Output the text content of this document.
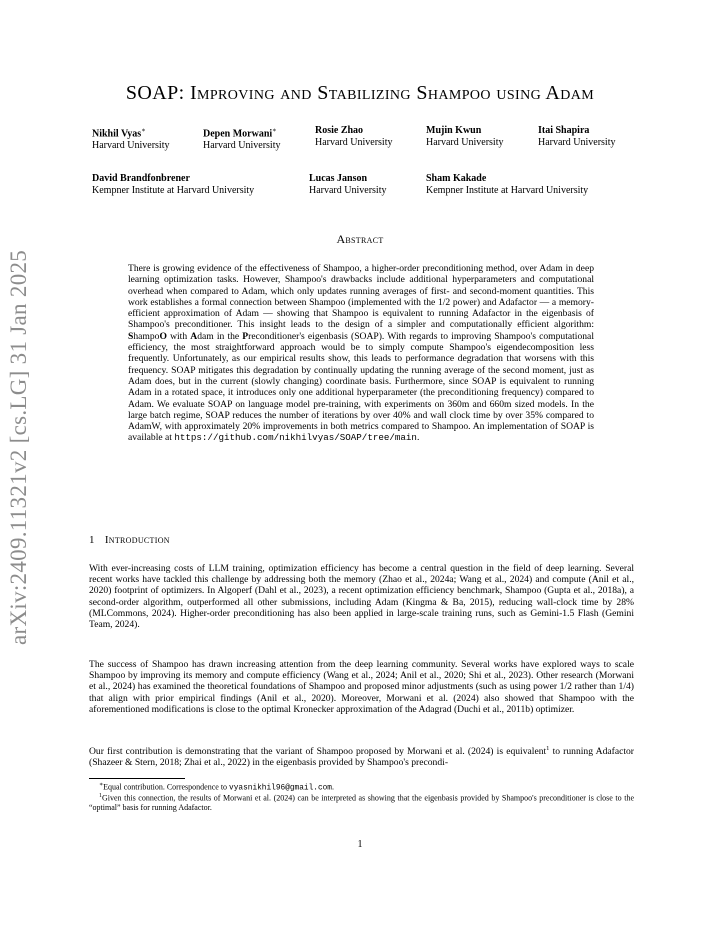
arXiv:2409.11321v2 [cs.LG] 31 Jan 2025
SOAP: Improving and Stabilizing Shampoo using Adam
Nikhil Vyas∗
Harvard University
Depen Morwani∗
Harvard University
Rosie Zhao
Harvard University
Mujin Kwun
Harvard University
Itai Shapira
Harvard University
David Brandfonbrener
Kempner Institute at Harvard University
Lucas Janson
Harvard University
Sham Kakade
Kempner Institute at Harvard University
Abstract

There is growing evidence of the effectiveness of Shampoo, a higher-order preconditioning method, over Adam in deep learning optimization tasks. However, Shampoo's drawbacks include additional hyperparameters and computational overhead when compared to Adam, which only updates running averages of first- and second-moment quantities. This work establishes a formal connection between Shampoo (implemented with the 1/2 power) and Adafactor — a memory-efficient approximation of Adam — showing that Shampoo is equivalent to running Adafactor in the eigenbasis of Shampoo's preconditioner. This insight leads to the design of a simpler and computationally efficient algorithm: ShampoO with Adam in the Preconditioner's eigenbasis (SOAP). With regards to improving Shampoo's computational efficiency, the most straightforward approach would be to simply compute Shampoo's eigendecomposition less frequently. Unfortunately, as our empirical results show, this leads to performance degradation that worsens with this frequency. SOAP mitigates this degradation by continually updating the running average of the second moment, just as Adam does, but in the current (slowly changing) coordinate basis. Furthermore, since SOAP is equivalent to running Adam in a rotated space, it introduces only one additional hyperparameter (the preconditioning frequency) compared to Adam. We evaluate SOAP on language model pre-training, with experiments on 360m and 660m sized models. In the large batch regime, SOAP reduces the number of iterations by over 40% and wall clock time by over 35% compared to AdamW, with approximately 20% improvements in both metrics compared to Shampoo. An implementation of SOAP is available at https://github.com/nikhilvyas/SOAP/tree/main.

1 Introduction

With ever-increasing costs of LLM training, optimization efficiency has become a central question in the field of deep learning. Several recent works have tackled this challenge by addressing both the memory (Zhao et al., 2024a; Wang et al., 2024) and compute (Anil et al., 2020) footprint of optimizers. In Algoperf (Dahl et al., 2023), a recent optimization efficiency benchmark, Shampoo (Gupta et al., 2018a), a second-order algorithm, outperformed all other submissions, including Adam (Kingma & Ba, 2015), reducing wall-clock time by 28% (MLCommons, 2024). Higher-order preconditioning has also been applied in large-scale training runs, such as Gemini-1.5 Flash (Gemini Team, 2024).

The success of Shampoo has drawn increasing attention from the deep learning community. Several works have explored ways to scale Shampoo by improving its memory and compute efficiency (Wang et al., 2024; Anil et al., 2020; Shi et al., 2023). Other research (Morwani et al., 2024) has examined the theoretical foundations of Shampoo and proposed minor adjustments (such as using power 1/2 rather than 1/4) that align with prior empirical findings (Anil et al., 2020). Moreover, Morwani et al. (2024) also showed that Shampoo with the aforementioned modifications is close to the optimal Kronecker approximation of the Adagrad (Duchi et al., 2011b) optimizer.

Our first contribution is demonstrating that the variant of Shampoo proposed by Morwani et al. (2024) is equivalent$^1$ to running Adafactor (Shazeer & Stern, 2018; Zhai et al., 2022) in the eigenbasis provided by Shampoo's precondi-

∗Equal contribution. Correspondence to vyasnikhil96@gmail.com.

$^1$Given this connection, the results of Morwani et al. (2024) can be interpreted as showing that the eigenbasis provided by Shampoo's preconditioner is close to the “optimal” basis for running Adafactor.

1
